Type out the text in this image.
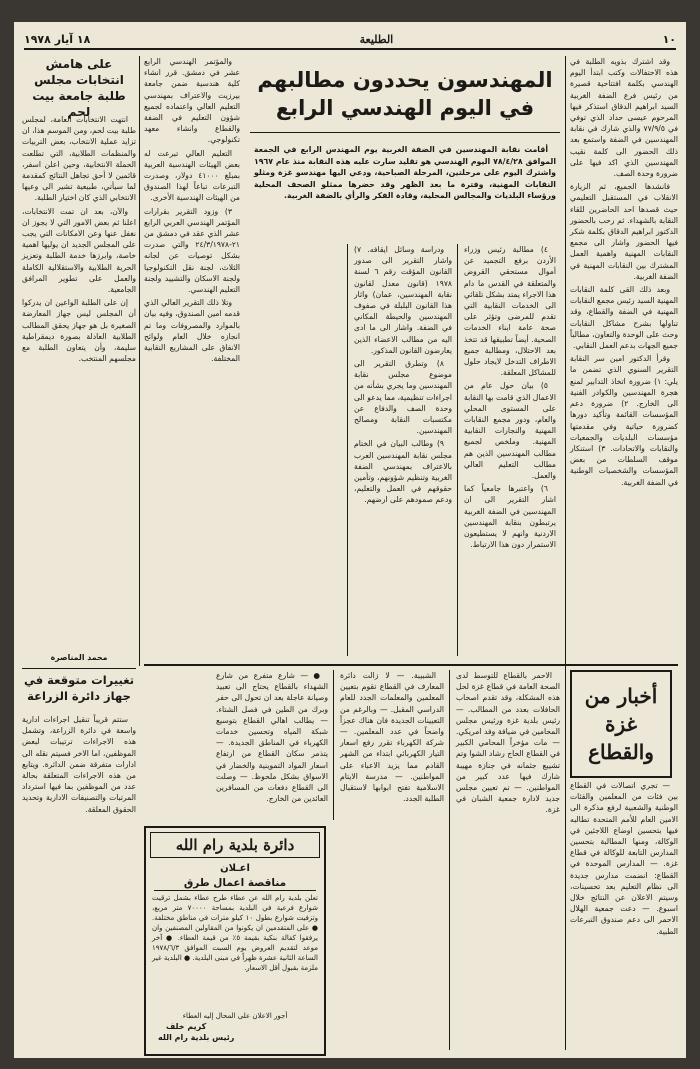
١٠
الطليعة
١٨ آيار ١٩٧٨

وقد اشترك بذويه الطلبة في هذه الاحتفالات وكتب ابتدأ اليوم الهندسي بكلمة افتتاحية قصيرة من رئيس فرع الضفة الغربية السيد ابراهيم الدقاق استذكر فيها المرحوم عيسى حداد الذي توفي في ٧٧/٩/٥ والذي شارك في نقابة المهندسين في الضفة واستمع بعد ذلك الحضور الى كلمة نقيب المهندسين الذي اكد فيها على ضرورة وحدة الصف.

فانشدها الجميع، ثم الزيارة الانقلاب في المستقبل التعليمي حيث قصدها احد الحاضرين للقاء النقابة بالشهداء. ثم رحب بالحضور الدكتور ابراهيم الدقاق بكلمة شكر فيها الحضور واشار الى مجمع النقابات المهنية واهمية العمل المشترك بين النقابات المهنية في الضفة الغربية.

وبعد ذلك القى كلمة النقابات المهنية السيد رئيس مجمع النقابات المهنية في الضفة والقطاع، وقد تناولها بشرح مشاكل النقابات وحث على الوحدة والتعاون، مطالباً جميع الجهات بدعم العمل النقابي.

وقرأ الدكتور امين سر النقابة التقرير السنوي الذي تضمن ما يلي: ١) ضرورة اتخاذ التدابير لمنع هجرة المهندسين والكوادر الفنية الى الخارج. ٢) ضرورة دعم المؤسسات القائمة وتأكيد دورها كضرورة حياتية وفي مقدمتها مؤسسات البلديات والجمعيات والنقابات والاتحادات. ٣) استنكار موقف السلطات من بعض المؤسسات والشخصيات الوطنية في الضفة الغربية.

المهندسون يحددون مطالبهم
في اليوم الهندسي الرابع

أقامت نقابة المهندسين في الضفة الغربية يوم المهندس الرابع في الجمعة الموافق ٧٨/٤/٢٨ اليوم الهندسي هو تقليد سارت عليه هذه النقابة منذ عام ١٩٦٧ واشترك اليوم على مرحلتين، المرحلة الصباحية، ودعي اليها مهندسو غزة ومثلو النقابات المهنية، وفترة ما بعد الظهر وقد حضرها ممثلو الصحف المحلية ورؤساء البلديات والمجالس المحلية، وقادة الفكر والرأي بالضفة الغربية.

٤) مطالبة رئيس وزراء الأردن برفع التجميد عن أموال مستحقي القروض والمتعلقة في القدس ما دام هذا الاجراء يمتد بشكل تلقائي الى الخدمات النقابية التي تقدم للمرضى وتؤثر على صحة عامة ابناء الخدمات الصحية. أيضاً تطبيقها قد تتخذ بعد الاحتلال، ومطالبة جميع الاطراف التدخل لايجاد حلول للمشاكل المعلقة.

٥) بيان حول عام من الاعمال الذي قامت بها النقابة على المستوى المحلي والعام، ودور مجمع النقابات المهنية والنجارات النقابية المهنية. وملخص لجميع مطالب المهندسين الذين هم مطالب التعليم العالي والعمل.

٦) واعتبرها جامعياً كما اشار التقرير الى ان المهندسين في الضفة الغربية يرتبطون بنقابة المهندسين الاردنية وانهم لا يستطيعون الاستمرار دون هذا الارتباط.

ودراسة وسائل ايقافه. ٧) واشار التقرير الى صدور القانون المؤقت رقم ٦ لسنة ١٩٧٨ (قانون معدل لقانون نقابة المهندسين، عمان) واثار هذا القانون البلبلة في صفوف المهندسين والحيطة المكاني في الضفة. واشار الى ما ادى اليه من مطالب الاعضاء الذين يعارضون القانون المذكور.

٨) وتطرق التقرير الى موضوع مجلس نقابة المهندسين وما يجري بشأنه من اجراءات تنظيمية، مما يدعو الى وحدة الصف والدفاع عن مكتسبات النقابة ومصالح المهندسين.

٩) وطالب البيان في الختام مجلس نقابة المهندسين العرب بالاعتراف بمهندسي الضفة الغربية وتنظيم شؤونهم، وتأمين حقوقهم في العمل والتعليم، ودعم صمودهم على ارضهم.

والمؤتمر الهندسي الرابع عشر في دمشق. قرر انشاء كلية هندسية ضمن جامعة بيرزيت والاعتراف بمهندسي التعليم العالي واعتماده لجميع شؤون التعليم في الضفة والقطاع وانشاء معهد تكنولوجي.

التعليم العالي تبرعت له بعض الهيئات الهندسية العربية بمبلغ ٤١٠٠٠ دولار، وصدرت التبرعات تباعاً لهذا الصندوق من الهيئات الهندسية الأخرى.

٣) وزود التقرير بقرارات المؤتمر الهندسي العربي الرابع عشر الذي عقد في دمشق من ٢١-٢٤/٣/١٩٧٨ والتي صدرت بشكل توصيات عن لجانه الثلاث، لجنة نقل التكنولوجيا ولجنة الاسكان والتشييد ولجنة التعليم الهندسي.

وتلا ذلك التقرير العالي الذي قدمه امين الصندوق، وفيه بيان بالموارد والمصروفات وما تم انجازه خلال العام ولوائح الانفاق على المشاريع النقابية المختلفة.

على هامش انتخابات مجلس طلبة جامعة بيت لحم

انتهت الانتخابات العامة، لمجلس طلبة بيت لحم، ومن الموسم هذا، ان تزايد عملية الانتخاب، بعض التربيات والمنظمات الطلابية، التي تطلعت الحملة الانتخابية، وحين اعلن اسفر، قائمين لا أحق تجاهل النتائج كمقدمة لما سيأتي، طبيعية تشير الى وعيها الانتخابي الذي كان اختيار الطلبة.

والآن، بعد ان تمت الانتخابات، اعلنا ثم بعض الامور التي لا يجوز ان نغفل عنها وعن الامكانات التي يجب على المجلس الجديد ان يوليها اهمية خاصة، وابرزها خدمة الطلبة وتعزيز الحرية الطلابية والاستقلالية الكاملة والعمل على تطوير المرافق الجامعية.

إن على الطلبة الواعين ان يدركوا أن المجلس ليس جهاز المعارضة الصغيرة بل هو جهاز يحقق المطالب الطلابية العادلة بصورة ديمقراطية سليمة، وأن يتعاون الطلبة مع مجلسهم المنتخب.

محمد المناصرة
تغييرات متوقعة في جهاز دائرة الزراعة

ستتم قريباً تنقيل اجراءات ادارية واسعة في دائرة الزراعة، وتشمل هذه الاجراءات ترتيبات لبعض الموظفين، اما الاخر فسيتم نقله الى ادارات متفرقة ضمن الدائرة. ويتابع من هذه الاجراءات المتعلقة بحالة عدد من الموظفين بما فيها استرداد المرتبات والتصنيفات الادارية وتحديد الحقوق المعلقة.

أخبار من غزة والقطاع

— تجري اتصالات في القطاع بين فئات من المعلمين والفئات الوطنية والشعبية لرفع مذكرة الى الامين العام للأمم المتحدة تطالبه فيها بتحسين اوضاع اللاجئين في الوكالة، ومنها المطالبة بتحسين المدارس التابعة للوكالة في قطاع غزة. — المدارس الموحدة في القطاع: انضمت مدارس جديدة الى نظام التعليم بعد تحسينات، وسيتم الاعلان عن النتائج خلال اسبوع. — دعت جمعية الهلال الاحمر الى دعم صندوق التبرعات الطبية.

الاحمر بالقطاع للتوسط لدى الصحة العامة في قطاع غزة لحل هذه المشكلة، وقد تقدم اصحاب الحافلات بعدد من المطالب. — رئيس بلدية غزة ورئيس مجلس المحامين في ضيافة وفد امريكي. — مات مؤخراً المحامي الكبير في القطاع الحاج رشاد الشوا وتم تشييع جثمانه في جنازة مهيبة شارك فيها عدد كبير من المواطنين. — تم تعيين مجلس جديد لادارة جمعية الشبان في غزة.

الشبيبة. — لا زالت دائرة المعارف في القطاع تقوم بتعيين المعلمين والمعلمات الجدد للعام الدراسي المقبل. — وبالرغم من التعيينات الجديدة فان هناك عجزاً واضحاً في عدد المعلمين. — شركة الكهرباء تقرر رفع اسعار التيار الكهربائي ابتداء من الشهر القادم مما يزيد الاعباء على المواطنين. — مدرسة الايتام الاسلامية تفتح ابوابها لاستقبال الطلبة الجدد.

● — شارع متفرع من شارع الشهداء بالقطاع يحتاج الى تعبيد وصيانة عاجلة بعد ان تحول الى حفر وبرك من الطين في فصل الشتاء. — يطالب اهالي القطاع بتوسيع شبكة المياه وتحسين خدمات الكهرباء في المناطق الجديدة. — يتذمر سكان القطاع من ارتفاع اسعار المواد التموينية والخضار في الاسواق بشكل ملحوظ. — وصلت الى القطاع دفعات من المسافرين العائدين من الخارج.

دائرة بلدية رام الله
اعـلان
مناقصة اعمال طرق
تعلن بلدية رام الله عن عطاء طرح عطاء بشمل ترقيت شوارع فرعية في البلدية بمساحة ٧٠٠٠٠ متر مربع، وتزفيت شوارع بطول ١٠ كيلو مترات في مناطق مختلفة. ● على المتقدمين ان يكونوا من المقاولين المصنفين وان يرفقوا كفالة بنكية بقيمة ٥٪ من قيمة العطاء. ● آخر موعد لتقديم العروض يوم السبت الموافق ١٩٧٨/٦/٣ الساعة الثانية عشرة ظهراً في مبنى البلدية. ● البلدية غير ملزمة بقبول أقل الاسعار.
أجور الاعلان على المحال إليه العطاء
كريم خلف
رئيس بلدية رام الله
